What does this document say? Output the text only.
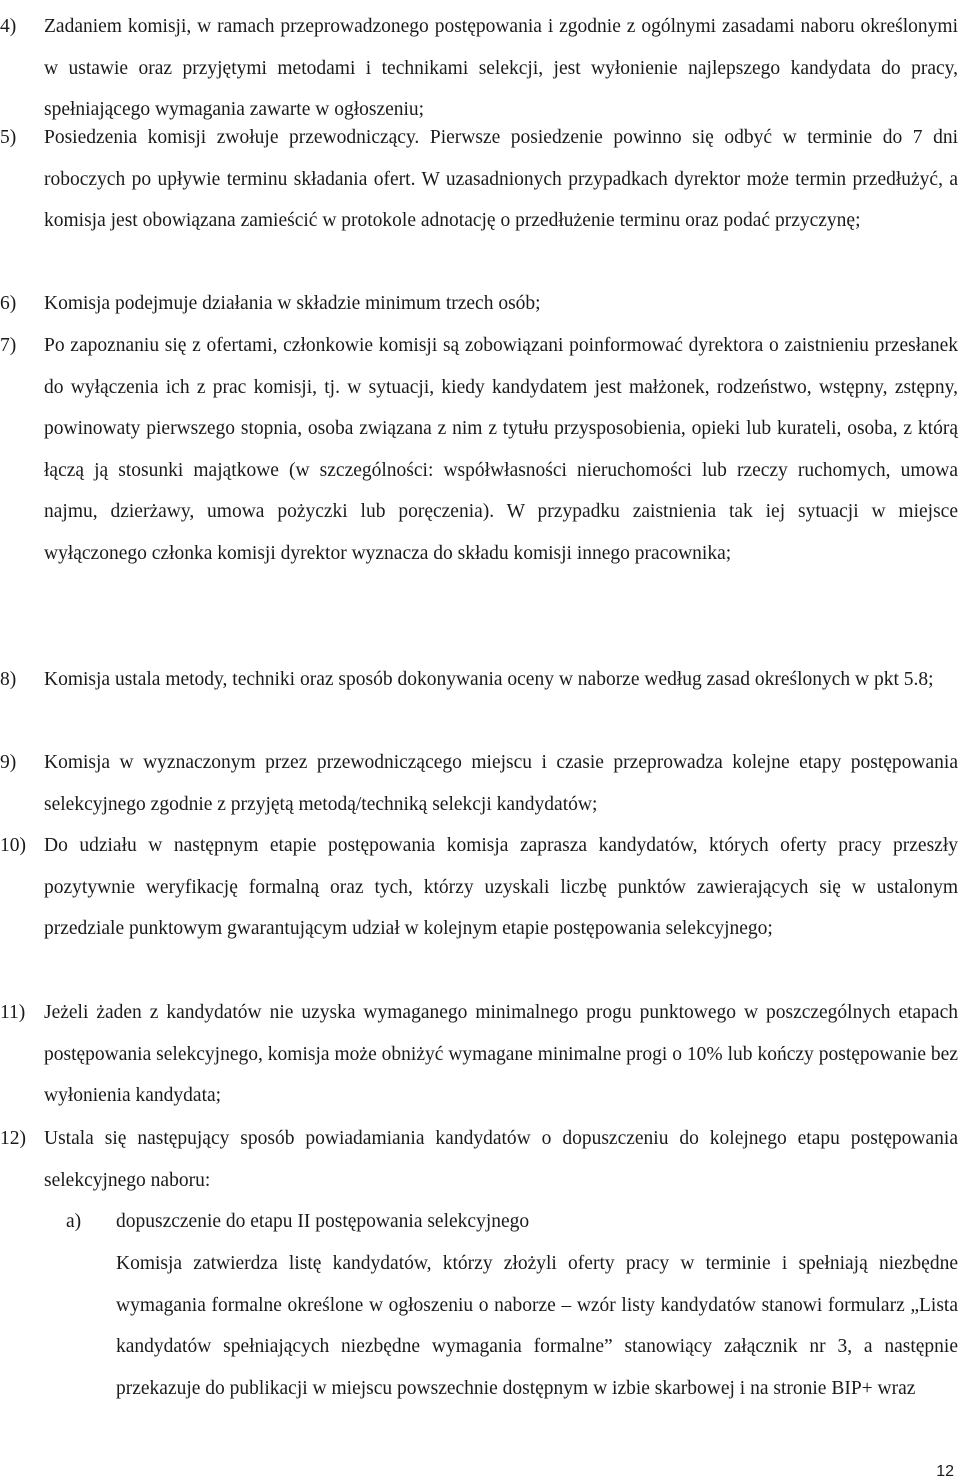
4) Zadaniem komisji, w ramach przeprowadzonego postępowania i zgodnie z ogólnymi zasadami naboru określonymi w ustawie oraz przyjętymi metodami i technikami selekcji, jest wyłonienie najlepszego kandydata do pracy, spełniającego wymagania zawarte w ogłoszeniu;
5) Posiedzenia komisji zwołuje przewodniczący. Pierwsze posiedzenie powinno się odbyć w terminie do 7 dni roboczych po upływie terminu składania ofert. W uzasadnionych przypadkach dyrektor może termin przedłużyć, a komisja jest obowiązana zamieścić w protokole adnotację o przedłużenie terminu oraz podać przyczynę;
6) Komisja podejmuje działania w składzie minimum trzech osób;
7) Po zapoznaniu się z ofertami, członkowie komisji są zobowiązani poinformować dyrektora o zaistnieniu przesłanek do wyłączenia ich z prac komisji, tj. w sytuacji, kiedy kandydatem jest małżonek, rodzeństwo, wstępny, zstępny, powinowaty pierwszego stopnia, osoba związana z nim z tytułu przysposobienia, opieki lub kurateli, osoba, z którą łączą ją stosunki majątkowe (w szczególności: współwłasności nieruchomości lub rzeczy ruchomych, umowa najmu, dzierżawy, umowa pożyczki lub poręczenia). W przypadku zaistnienia tak iej sytuacji w miejsce wyłączonego członka komisji dyrektor wyznacza do składu komisji innego pracownika;
8) Komisja ustala metody, techniki oraz sposób dokonywania oceny w naborze według zasad określonych w pkt 5.8;
9) Komisja w wyznaczonym przez przewodniczącego miejscu i czasie przeprowadza kolejne etapy postępowania selekcyjnego zgodnie z przyjętą metodą/techniką selekcji kandydatów;
10) Do udziału w następnym etapie postępowania komisja zaprasza kandydatów, których oferty pracy przeszły pozytywnie weryfikację formalną oraz tych, którzy uzyskali liczbę punktów zawierających się w ustalonym przedziale punktowym gwarantującym udział w kolejnym etapie postępowania selekcyjnego;
11) Jeżeli żaden z kandydatów nie uzyska wymaganego minimalnego progu punktowego w poszczególnych etapach postępowania selekcyjnego, komisja może obniżyć wymagane minimalne progi o 10% lub kończy postępowanie bez wyłonienia kandydata;
12) Ustala się następujący sposób powiadamiania kandydatów o dopuszczeniu do kolejnego etapu postępowania selekcyjnego naboru:
a) dopuszczenie do etapu II postępowania selekcyjnego
Komisja zatwierdza listę kandydatów, którzy złożyli oferty pracy w terminie i spełniają niezbędne wymagania formalne określone w ogłoszeniu o naborze – wzór listy kandydatów stanowi formularz „Lista kandydatów spełniających niezbędne wymagania formalne” stanowiący załącznik nr 3, a następnie przekazuje do publikacji w miejscu powszechnie dostępnym w izbie skarbowej i na stronie BIP+ wraz
12
